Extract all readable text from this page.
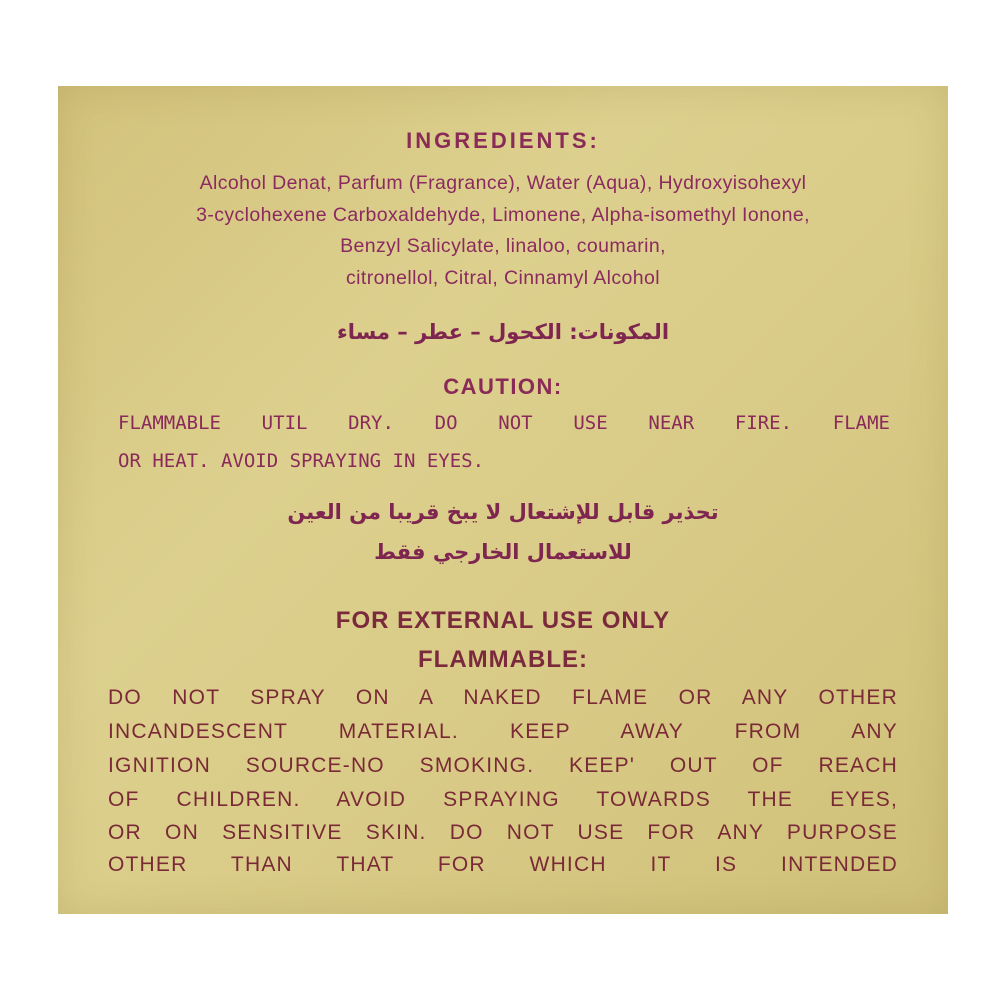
INGREDIENTS:

Alcohol Denat, Parfum (Fragrance), Water (Aqua), Hydroxyisohexyl

3-cyclohexene Carboxaldehyde, Limonene, Alpha-isomethyl Ionone,

Benzyl Salicylate, linaloo, coumarin,

citronellol, Citral, Cinnamyl Alcohol

المكونات: الكحول – عطر – مساء

CAUTION:

FLAMMABLE UTIL DRY. DO NOT USE NEAR FIRE. FLAME

OR HEAT. AVOID SPRAYING IN EYES.

تحذير قابل للإشتعال لا يبخ قريبا من العين

للاستعمال الخارجي فقط

FOR EXTERNAL USE ONLY

FLAMMABLE:

DO NOT SPRAY ON A NAKED FLAME OR ANY OTHER

INCANDESCENT MATERIAL. KEEP AWAY FROM ANY

IGNITION SOURCE-NO SMOKING. KEEP' OUT OF REACH

OF CHILDREN. AVOID SPRAYING TOWARDS THE EYES,

OR ON SENSITIVE SKIN. DO NOT USE FOR ANY PURPOSE

OTHER THAN THAT FOR WHICH IT IS INTENDED
